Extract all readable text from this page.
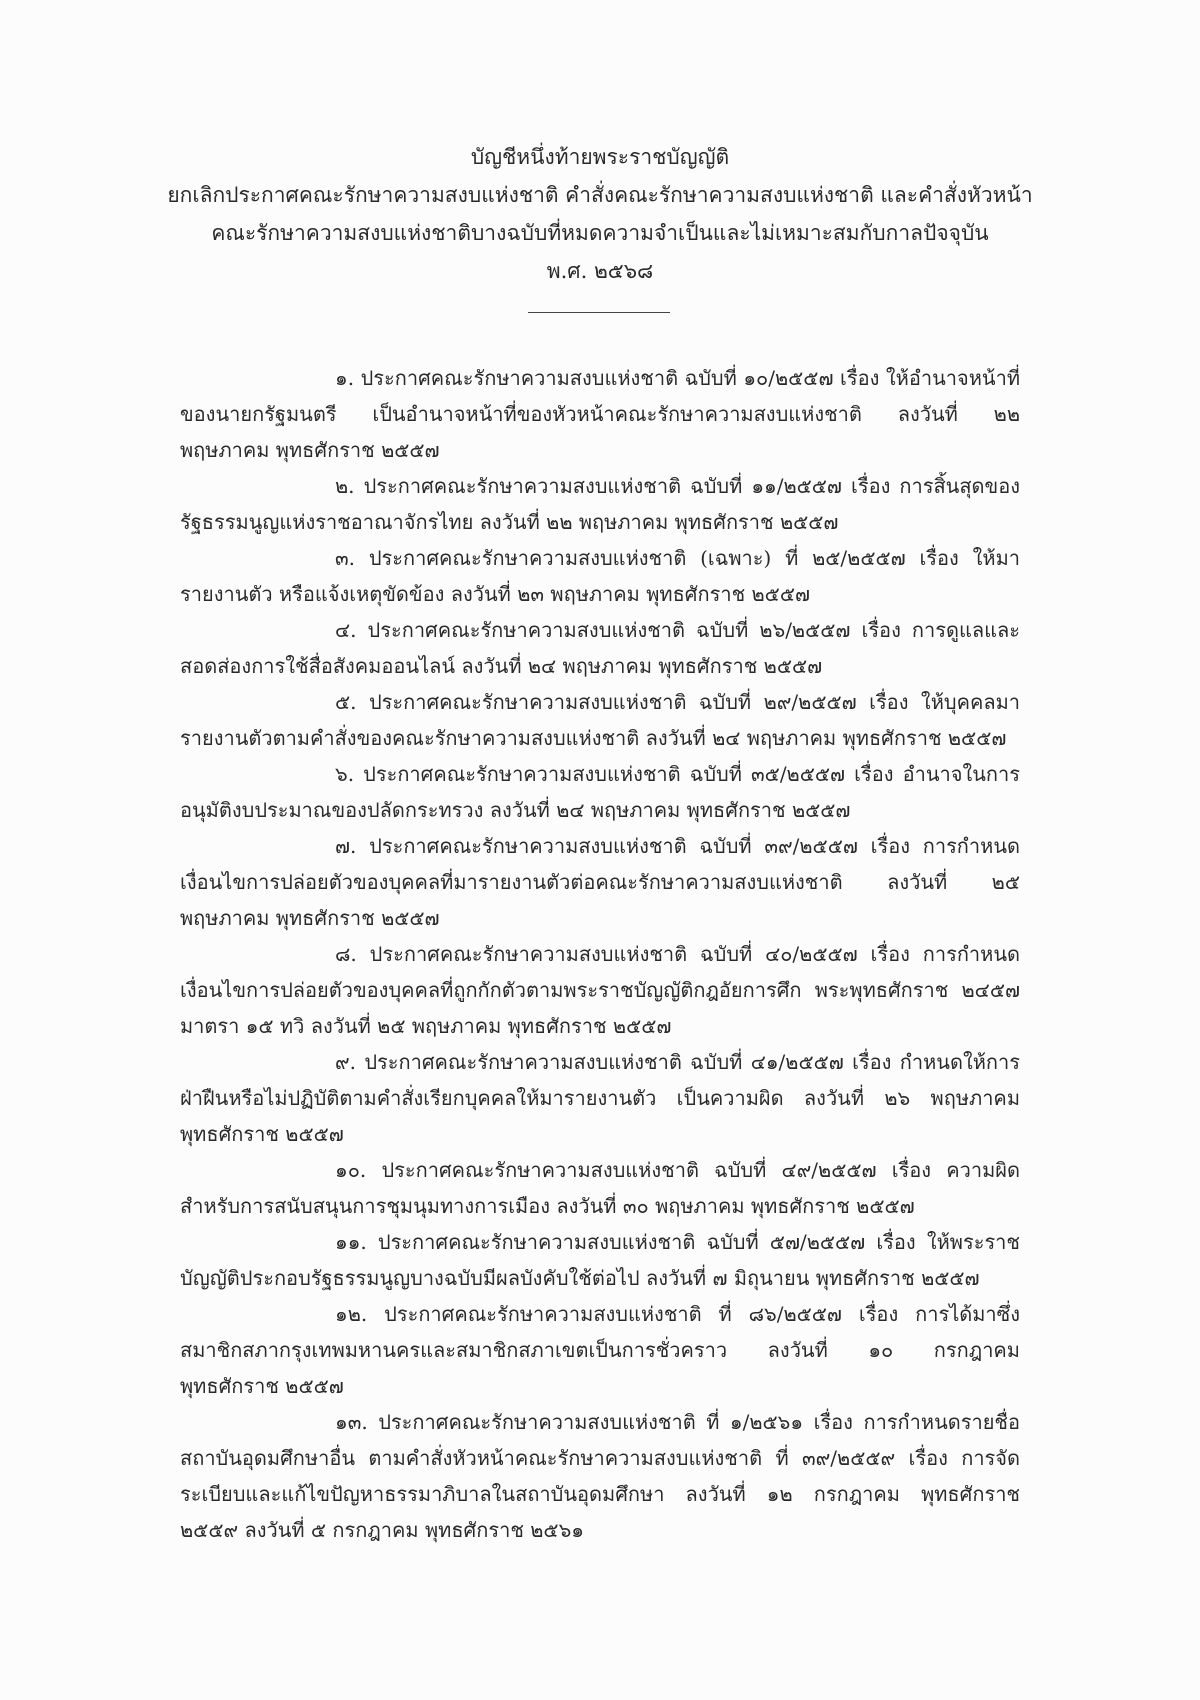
บัญชีหนึ่งท้ายพระราชบัญญัติ
ยกเลิกประกาศคณะรักษาความสงบแห่งชาติ คำสั่งคณะรักษาความสงบแห่งชาติ และคำสั่งหัวหน้า
คณะรักษาความสงบแห่งชาติบางฉบับที่หมดความจำเป็นและไม่เหมาะสมกับกาลปัจจุบัน
พ.ศ. ๒๕๖๘

๑. ประกาศคณะรักษาความสงบแห่งชาติ ฉบับที่ ๑๐/๒๕๕๗ เรื่อง ให้อำนาจหน้าที่ของนายกรัฐมนตรี เป็นอำนาจหน้าที่ของหัวหน้าคณะรักษาความสงบแห่งชาติ ลงวันที่ ๒๒ พฤษภาคม พุทธศักราช ๒๕๕๗

๒. ประกาศคณะรักษาความสงบแห่งชาติ ฉบับที่ ๑๑/๒๕๕๗ เรื่อง การสิ้นสุดของรัฐธรรมนูญแห่งราชอาณาจักรไทย ลงวันที่ ๒๒ พฤษภาคม พุทธศักราช ๒๕๕๗

๓. ประกาศคณะรักษาความสงบแห่งชาติ (เฉพาะ) ที่ ๒๕/๒๕๕๗ เรื่อง ให้มารายงานตัว หรือแจ้งเหตุขัดข้อง ลงวันที่ ๒๓ พฤษภาคม พุทธศักราช ๒๕๕๗

๔. ประกาศคณะรักษาความสงบแห่งชาติ ฉบับที่ ๒๖/๒๕๕๗ เรื่อง การดูแลและสอดส่องการใช้สื่อสังคมออนไลน์ ลงวันที่ ๒๔ พฤษภาคม พุทธศักราช ๒๕๕๗

๕. ประกาศคณะรักษาความสงบแห่งชาติ ฉบับที่ ๒๙/๒๕๕๗ เรื่อง ให้บุคคลมารายงานตัวตามคำสั่งของคณะรักษาความสงบแห่งชาติ ลงวันที่ ๒๔ พฤษภาคม พุทธศักราช ๒๕๕๗

๖. ประกาศคณะรักษาความสงบแห่งชาติ ฉบับที่ ๓๕/๒๕๕๗ เรื่อง อำนาจในการอนุมัติงบประมาณของปลัดกระทรวง ลงวันที่ ๒๔ พฤษภาคม พุทธศักราช ๒๕๕๗

๗. ประกาศคณะรักษาความสงบแห่งชาติ ฉบับที่ ๓๙/๒๕๕๗ เรื่อง การกำหนดเงื่อนไขการปล่อยตัวของบุคคลที่มารายงานตัวต่อคณะรักษาความสงบแห่งชาติ ลงวันที่ ๒๕ พฤษภาคม พุทธศักราช ๒๕๕๗

๘. ประกาศคณะรักษาความสงบแห่งชาติ ฉบับที่ ๔๐/๒๕๕๗ เรื่อง การกำหนดเงื่อนไขการปล่อยตัวของบุคคลที่ถูกกักตัวตามพระราชบัญญัติกฎอัยการศึก พระพุทธศักราช ๒๔๕๗ มาตรา ๑๕ ทวิ ลงวันที่ ๒๕ พฤษภาคม พุทธศักราช ๒๕๕๗

๙. ประกาศคณะรักษาความสงบแห่งชาติ ฉบับที่ ๔๑/๒๕๕๗ เรื่อง กำหนดให้การฝ่าฝืนหรือไม่ปฏิบัติตามคำสั่งเรียกบุคคลให้มารายงานตัว เป็นความผิด ลงวันที่ ๒๖ พฤษภาคม พุทธศักราช ๒๕๕๗

๑๐. ประกาศคณะรักษาความสงบแห่งชาติ ฉบับที่ ๔๙/๒๕๕๗ เรื่อง ความผิดสำหรับการสนับสนุนการชุมนุมทางการเมือง ลงวันที่ ๓๐ พฤษภาคม พุทธศักราช ๒๕๕๗

๑๑. ประกาศคณะรักษาความสงบแห่งชาติ ฉบับที่ ๕๗/๒๕๕๗ เรื่อง ให้พระราชบัญญัติประกอบรัฐธรรมนูญบางฉบับมีผลบังคับใช้ต่อไป ลงวันที่ ๗ มิถุนายน พุทธศักราช ๒๕๕๗

๑๒. ประกาศคณะรักษาความสงบแห่งชาติ ที่ ๘๖/๒๕๕๗ เรื่อง การได้มาซึ่งสมาชิกสภากรุงเทพมหานครและสมาชิกสภาเขตเป็นการชั่วคราว ลงวันที่ ๑๐ กรกฎาคม พุทธศักราช ๒๕๕๗

๑๓. ประกาศคณะรักษาความสงบแห่งชาติ ที่ ๑/๒๕๖๑ เรื่อง การกำหนดรายชื่อสถาบันอุดมศึกษาอื่น ตามคำสั่งหัวหน้าคณะรักษาความสงบแห่งชาติ ที่ ๓๙/๒๕๕๙ เรื่อง การจัดระเบียบและแก้ไขปัญหาธรรมาภิบาลในสถาบันอุดมศึกษา ลงวันที่ ๑๒ กรกฎาคม พุทธศักราช ๒๕๕๙ ลงวันที่ ๕ กรกฎาคม พุทธศักราช ๒๕๖๑
